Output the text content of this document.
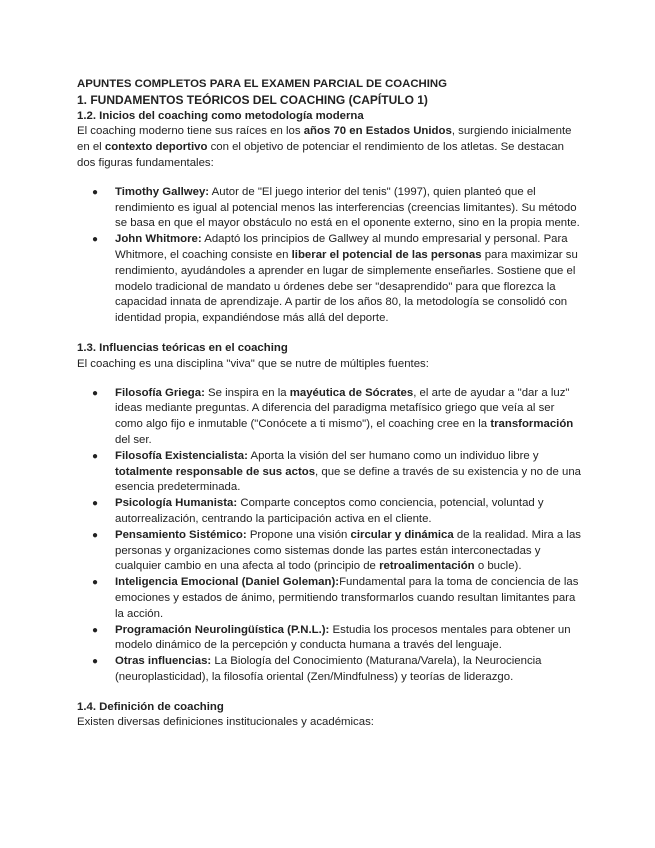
APUNTES COMPLETOS PARA EL EXAMEN PARCIAL DE COACHING

1. FUNDAMENTOS TEÓRICOS DEL COACHING (CAPÍTULO 1)

1.2. Inicios del coaching como metodología moderna

El coaching moderno tiene sus raíces en los años 70 en Estados Unidos, surgiendo inicialmente en el contexto deportivo con el objetivo de potenciar el rendimiento de los atletas. Se destacan dos figuras fundamentales:

● Timothy Gallwey: Autor de "El juego interior del tenis" (1997), quien planteó que el rendimiento es igual al potencial menos las interferencias (creencias limitantes). Su método se basa en que el mayor obstáculo no está en el oponente externo, sino en la propia mente.
● John Whitmore: Adaptó los principios de Gallwey al mundo empresarial y personal. Para Whitmore, el coaching consiste en liberar el potencial de las personas para maximizar su rendimiento, ayudándoles a aprender en lugar de simplemente enseñarles. Sostiene que el modelo tradicional de mandato u órdenes debe ser "desaprendido" para que florezca la capacidad innata de aprendizaje. A partir de los años 80, la metodología se consolidó con identidad propia, expandiéndose más allá del deporte.

1.3. Influencias teóricas en el coaching

El coaching es una disciplina "viva" que se nutre de múltiples fuentes:

● Filosofía Griega: Se inspira en la mayéutica de Sócrates, el arte de ayudar a "dar a luz" ideas mediante preguntas. A diferencia del paradigma metafísico griego que veía al ser como algo fijo e inmutable ("Conócete a ti mismo"), el coaching cree en la transformación del ser.
● Filosofía Existencialista: Aporta la visión del ser humano como un individuo libre y totalmente responsable de sus actos, que se define a través de su existencia y no de una esencia predeterminada.
● Psicología Humanista: Comparte conceptos como conciencia, potencial, voluntad y autorrealización, centrando la participación activa en el cliente.
● Pensamiento Sistémico: Propone una visión circular y dinámica de la realidad. Mira a las personas y organizaciones como sistemas donde las partes están interconectadas y cualquier cambio en una afecta al todo (principio de retroalimentación o bucle).
● Inteligencia Emocional (Daniel Goleman):Fundamental para la toma de conciencia de las emociones y estados de ánimo, permitiendo transformarlos cuando resultan limitantes para la acción.
● Programación Neurolingüística (P.N.L.): Estudia los procesos mentales para obtener un modelo dinámico de la percepción y conducta humana a través del lenguaje.
● Otras influencias: La Biología del Conocimiento (Maturana/Varela), la Neurociencia (neuroplasticidad), la filosofía oriental (Zen/Mindfulness) y teorías de liderazgo.

1.4. Definición de coaching

Existen diversas definiciones institucionales y académicas:
